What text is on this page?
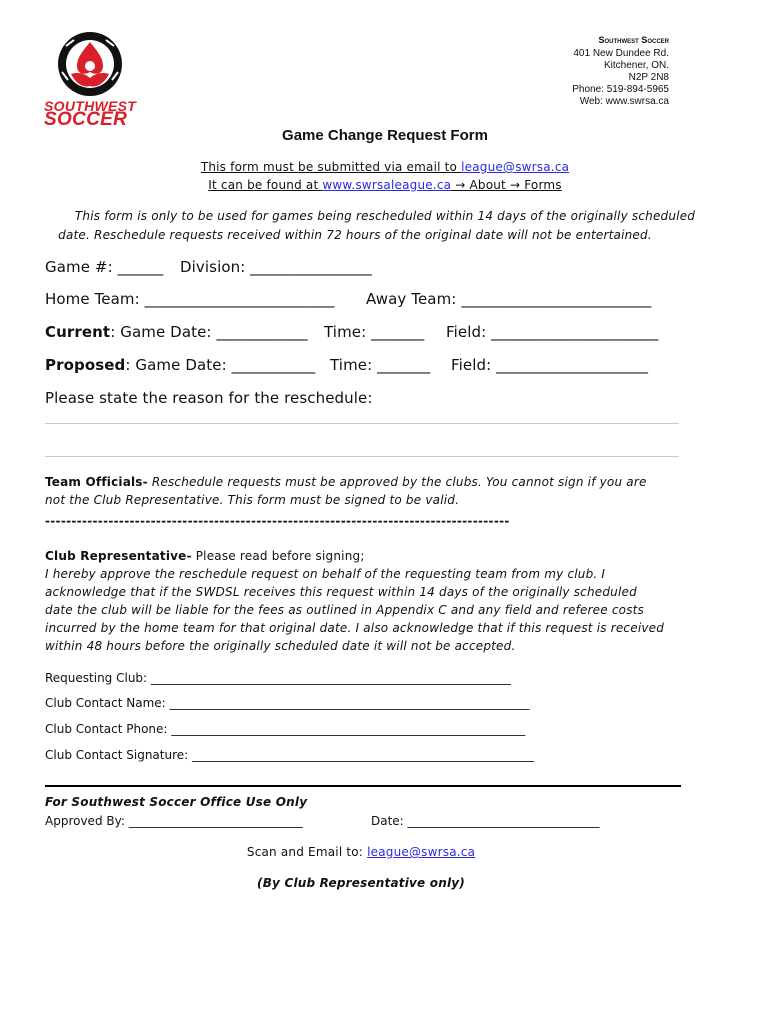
SOUTHWEST
SOCCER
Southwest Soccer
401 New Dundee Rd.
Kitchener, ON.
N2P 2N8
Phone: 519-894-5965
Web: www.swrsa.ca
Game Change Request Form
This form must be submitted via email to league@swrsa.ca
It can be found at www.swrsaleague.ca → About → Forms
This form is only to be used for games being rescheduled within 14 days of the originally scheduled
date. Reschedule requests received within 72 hours of the original date will not be entertained.
Game #: ______ Division: ________________
Home Team: _________________________ Away Team: _________________________
Current: Game Date: ____________ Time: _______ Field: ______________________
Proposed: Game Date: ___________ Time: _______ Field: ____________________
Please state the reason for the reschedule:
Team Officials- Reschedule requests must be approved by the clubs. You cannot sign if you are
not the Club Representative. This form must be signed to be valid.
----------------------------------------------------------------------------------------
Club Representative- Please read before signing;
I hereby approve the reschedule request on behalf of the requesting team from my club. I
acknowledge that if the SWDSL receives this request within 14 days of the originally scheduled
date the club will be liable for the fees as outlined in Appendix C and any field and referee costs
incurred by the home team for that original date. I also acknowledge that if this request is received
within 48 hours before the originally scheduled date it will not be accepted.
Requesting Club: ____________________________________________________________
Club Contact Name: ____________________________________________________________
Club Contact Phone: ___________________________________________________________
Club Contact Signature: _________________________________________________________
For Southwest Soccer Office Use Only
Approved By: _____________________________	Date: ________________________________
Scan and Email to: league@swrsa.ca
(By Club Representative only)
